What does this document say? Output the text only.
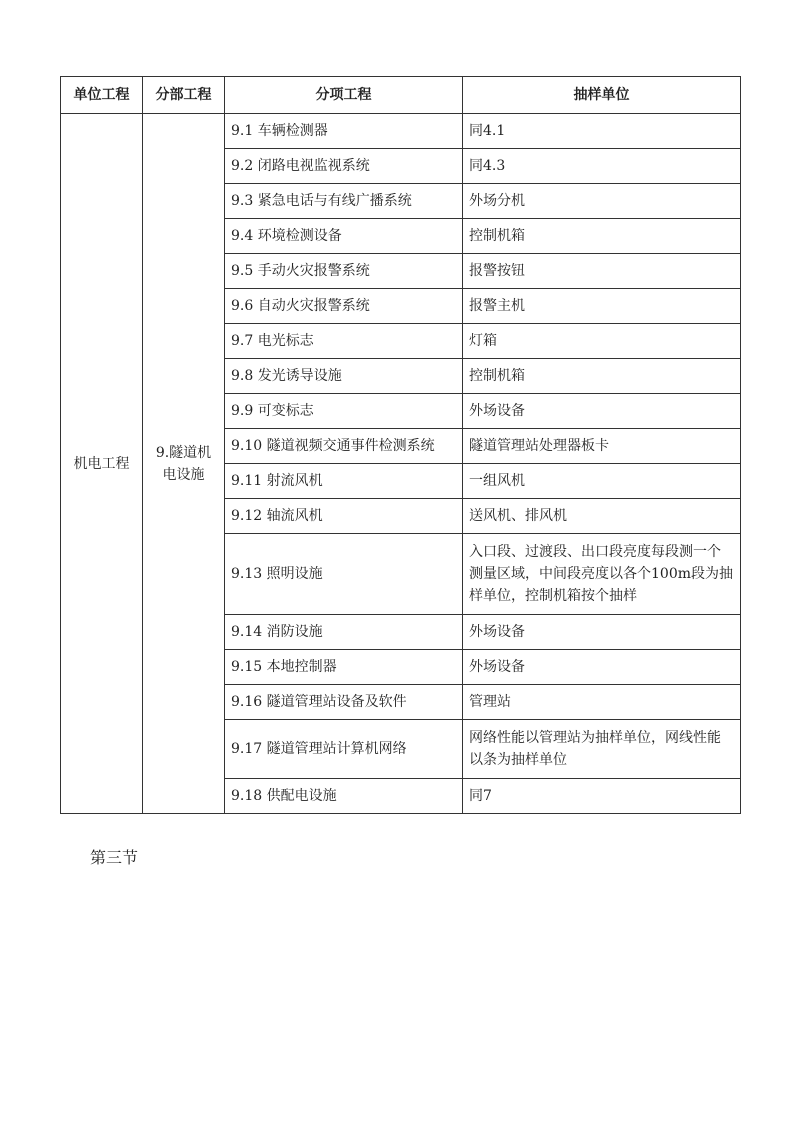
单位工程	分部工程	分项工程	抽样单位
机电工程	9.隧道机电设施	9.1 车辆检测器	同4.1
		9.2 闭路电视监视系统	同4.3
		9.3 紧急电话与有线广播系统	外场分机
		9.4 环境检测设备	控制机箱
		9.5 手动火灾报警系统	报警按钮
		9.6 自动火灾报警系统	报警主机
		9.7 电光标志	灯箱
		9.8 发光诱导设施	控制机箱
		9.9 可变标志	外场设备
		9.10 隧道视频交通事件检测系统	隧道管理站处理器板卡
		9.11 射流风机	一组风机
		9.12 轴流风机	送风机、排风机
		9.13 照明设施	入口段、过渡段、出口段亮度每段测一个测量区域，中间段亮度以各个100m段为抽样单位，控制机箱按个抽样
		9.14 消防设施	外场设备
		9.15 本地控制器	外场设备
		9.16 隧道管理站设备及软件	管理站
		9.17 隧道管理站计算机网络	网络性能以管理站为抽样单位，网线性能以条为抽样单位
		9.18 供配电设施	同7
第三节
